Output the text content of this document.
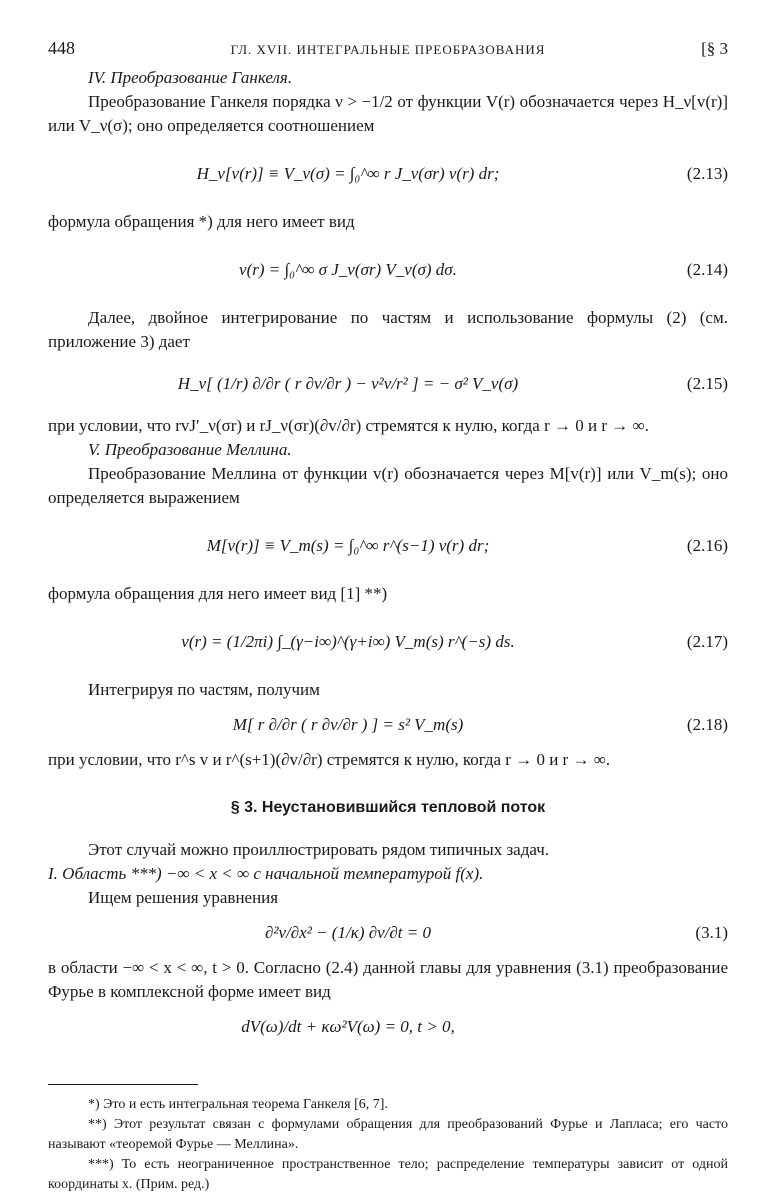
448	ГЛ. XVII. ИНТЕГРАЛЬНЫЕ ПРЕОБРАЗОВАНИЯ	[§ 3

IV. Преобразование Ганкеля.

Преобразование Ганкеля порядка ν > −1/2 от функции V(r) обозначается через H_ν[v(r)] или V_ν(σ); оно определяется соотношением

H_ν[v(r)] ≡ V_ν(σ) = ∫₀^∞ r J_ν(σr) v(r) dr;	(2.13)

формула обращения *) для него имеет вид

v(r) = ∫₀^∞ σ J_ν(σr) V_ν(σ) dσ.	(2.14)

Далее, двойное интегрирование по частям и использование формулы (2) (см. приложение 3) дает

H_ν[ (1/r) ∂/∂r ( r ∂v/∂r ) − ν²v/r² ] = − σ² V_ν(σ)	(2.15)

при условии, что rvJ′_ν(σr) и rJ_ν(σr)(∂v/∂r) стремятся к нулю, когда r → 0 и r → ∞.

V. Преобразование Меллина.

Преобразование Меллина от функции v(r) обозначается через M[v(r)] или V_m(s); оно определяется выражением

M[v(r)] ≡ V_m(s) = ∫₀^∞ r^(s−1) v(r) dr;	(2.16)

формула обращения для него имеет вид [1] **)

v(r) = (1/2πi) ∫_(γ−i∞)^(γ+i∞) V_m(s) r^(−s) ds.	(2.17)

Интегрируя по частям, получим

M[ r ∂/∂r ( r ∂v/∂r ) ] = s² V_m(s)	(2.18)

при условии, что r^s v и r^(s+1)(∂v/∂r) стремятся к нулю, когда r → 0 и r → ∞.

§ 3. Неустановившийся тепловой поток

Этот случай можно проиллюстрировать рядом типичных задач.

I. Область ***) −∞ < x < ∞ с начальной температурой f(x).

Ищем решения уравнения

∂²v/∂x² − (1/κ) ∂v/∂t = 0	(3.1)

в области −∞ < x < ∞, t > 0. Согласно (2.4) данной главы для уравнения (3.1) преобразование Фурье в комплексной форме имеет вид

dV(ω)/dt + κω²V(ω) = 0, t > 0,

*) Это и есть интегральная теорема Ганкеля [6, 7].

**) Этот результат связан с формулами обращения для преобразований Фурье и Лапласа; его часто называют «теоремой Фурье — Меллина».

***) То есть неограниченное пространственное тело; распределение температуры зависит от одной координаты x. (Прим. ред.)
